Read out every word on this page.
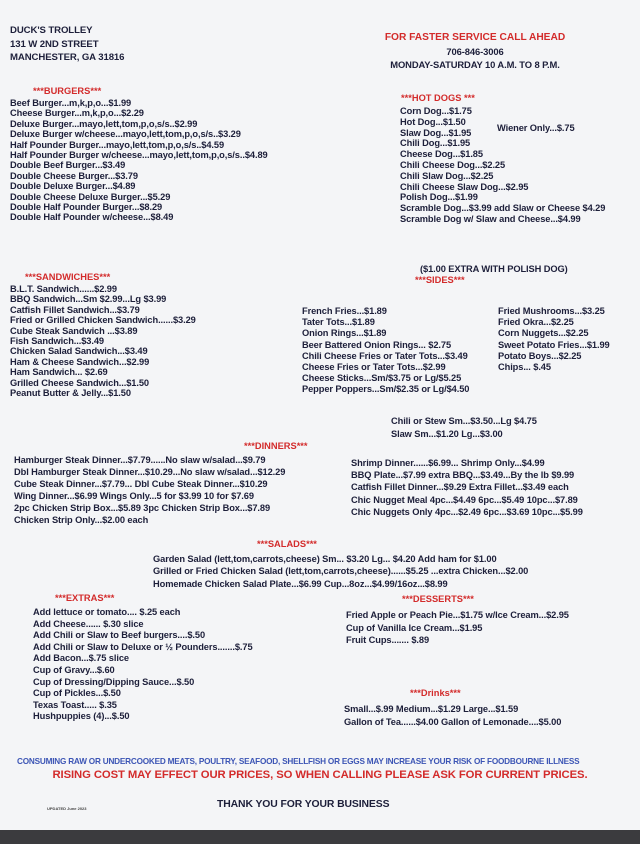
DUCK'S TROLLEY
131 W 2ND STREET
MANCHESTER, GA 31816
FOR FASTER SERVICE CALL AHEAD
706-846-3006
MONDAY-SATURDAY 10 A.M. TO 8 P.M.
***BURGERS***
Beef Burger...m,k,p,o...$1.99
Cheese Burger...m,k,p,o...$2.29
Deluxe Burger...mayo,lett,tom,p,o,s/s..$2.99
Deluxe Burger w/cheese...mayo,lett,tom,p,o,s/s..$3.29
Half Pounder Burger...mayo,lett,tom,p,o,s/s..$4.59
Half Pounder Burger w/cheese...mayo,lett,tom,p,o,s/s..$4.89
Double Beef Burger...$3.49
Double Cheese Burger...$3.79
Double Deluxe Burger...$4.89
Double Cheese Deluxe Burger...$5.29
Double Half Pounder Burger...$8.29
Double Half Pounder w/cheese...$8.49
***SANDWICHES***
B.L.T. Sandwich......$2.99
BBQ Sandwich...Sm $2.99...Lg $3.99
Catfish Fillet Sandwich...$3.79
Fried or Grilled Chicken Sandwich......$3.29
Cube Steak Sandwich ...$3.89
Fish Sandwich...$3.49
Chicken Salad Sandwich...$3.49
Ham & Cheese Sandwich...$2.99
Ham Sandwich... $2.69
Grilled Cheese Sandwich...$1.50
Peanut Butter & Jelly...$1.50
***HOT DOGS ***
Corn Dog...$1.75
Hot Dog...$1.50
Slaw Dog...$1.95
Chili Dog...$1.95
Cheese Dog...$1.85
Chili Cheese Dog...$2.25
Chili Slaw Dog...$2.25
Chili Cheese Slaw Dog...$2.95
Polish Dog...$1.99
Scramble Dog...$3.99 add Slaw or Cheese $4.29
Scramble Dog w/ Slaw and Cheese...$4.99
Wiener Only...$.75
($1.00 EXTRA WITH POLISH DOG)
***SIDES***
French Fries...$1.89
Tater Tots...$1.89
Onion Rings...$1.89
Beer Battered Onion Rings... $2.75
Chili Cheese Fries or Tater Tots...$3.49
Cheese Fries or Tater Tots...$2.99
Cheese Sticks...Sm/$3.75 or Lg/$5.25
Pepper Poppers...Sm/$2.35 or Lg/$4.50
Fried Mushrooms...$3.25
Fried Okra...$2.25
Corn Nuggets...$2.25
Sweet Potato Fries...$1.99
Potato Boys...$2.25
Chips... $.45
Chili or Stew Sm...$3.50...Lg $4.75
Slaw Sm...$1.20 Lg...$3.00
***DINNERS***
Hamburger Steak Dinner...$7.79......No slaw w/salad...$9.79
Dbl Hamburger Steak Dinner...$10.29...No slaw w/salad...$12.29
Cube Steak Dinner...$7.79... Dbl Cube Steak Dinner...$10.29
Wing Dinner...$6.99 Wings Only...5 for $3.99 10 for $7.69
2pc Chicken Strip Box...$5.89 3pc Chicken Strip Box...$7.89
Chicken Strip Only...$2.00 each
Shrimp Dinner......$6.99... Shrimp Only...$4.99
BBQ Plate...$7.99 extra BBQ...$3.49...By the lb $9.99
Catfish Fillet Dinner...$9.29 Extra Fillet...$3.49 each
Chic Nugget Meal 4pc...$4.49 6pc...$5.49 10pc...$7.89
Chic Nuggets Only 4pc...$2.49 6pc...$3.69 10pc...$5.99
***SALADS***
Garden Salad (lett,tom,carrots,cheese) Sm... $3.20 Lg... $4.20 Add ham for $1.00
Grilled or Fried Chicken Salad (lett,tom,carrots,cheese)......$5.25 ...extra Chicken...$2.00
Homemade Chicken Salad Plate...$6.99 Cup...8oz...$4.99/16oz...$8.99
***EXTRAS***
Add lettuce or tomato.... $.25 each
Add Cheese...... $.30 slice
Add Chili or Slaw to Beef burgers....$.50
Add Chili or Slaw to Deluxe or ½ Pounders.......$.75
Add Bacon...$.75 slice
Cup of Gravy...$.60
Cup of Dressing/Dipping Sauce...$.50
Cup of Pickles...$.50
Texas Toast..... $.35
Hushpuppies (4)...$.50
***DESSERTS***
Fried Apple or Peach Pie...$1.75 w/Ice Cream...$2.95
Cup of Vanilla Ice Cream...$1.95
Fruit Cups....... $.89
***Drinks***
Small...$.99 Medium...$1.29 Large...$1.59
Gallon of Tea......$4.00 Gallon of Lemonade....$5.00
CONSUMING RAW OR UNDERCOOKED MEATS, POULTRY, SEAFOOD, SHELLFISH OR EGGS MAY INCREASE YOUR RISK OF FOODBOURNE ILLNESS
RISING COST MAY EFFECT OUR PRICES, SO WHEN CALLING PLEASE ASK FOR CURRENT PRICES.
UPDATED June 2023	THANK YOU FOR YOUR BUSINESS
